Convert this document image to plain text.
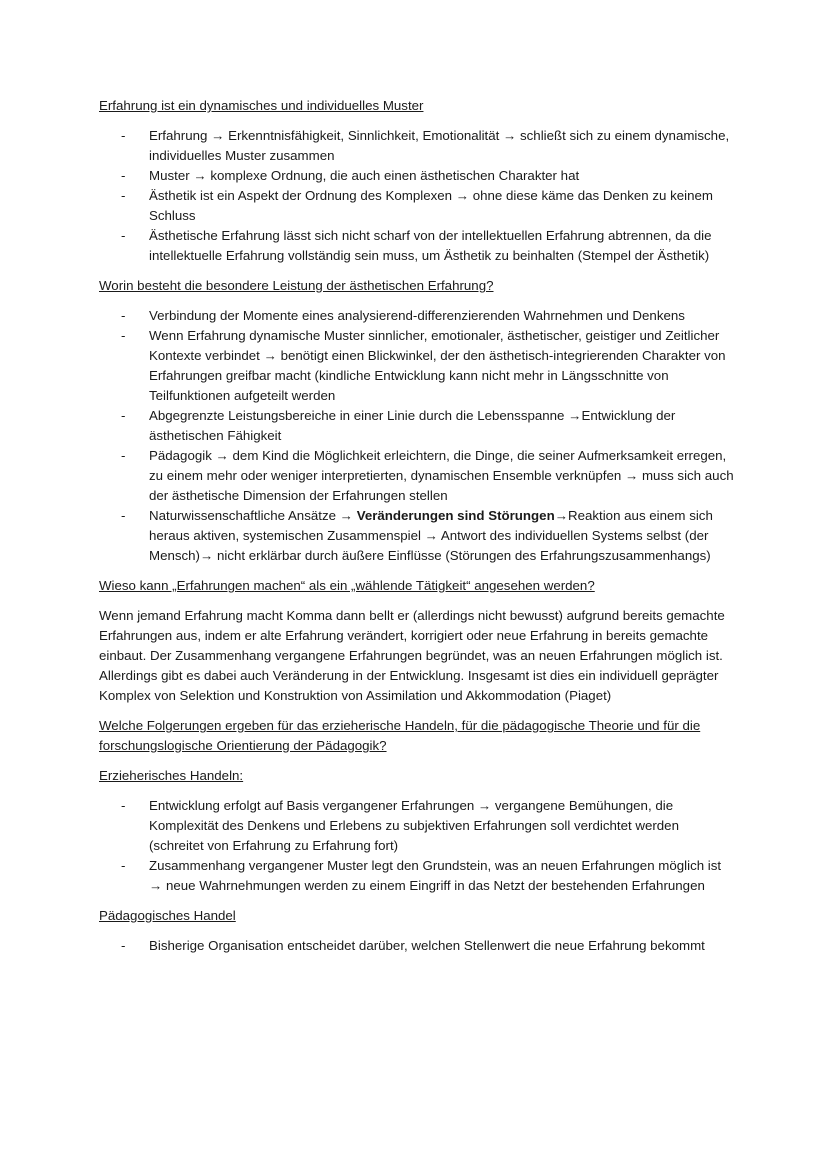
Erfahrung ist ein dynamisches und individuelles Muster

- Erfahrung → Erkenntnisfähigkeit, Sinnlichkeit, Emotionalität → schließt sich zu einem dynamische, individuelles Muster zusammen
- Muster → komplexe Ordnung, die auch einen ästhetischen Charakter hat
- Ästhetik ist ein Aspekt der Ordnung des Komplexen → ohne diese käme das Denken zu keinem Schluss
- Ästhetische Erfahrung lässt sich nicht scharf von der intellektuellen Erfahrung abtrennen, da die intellektuelle Erfahrung vollständig sein muss, um Ästhetik zu beinhalten (Stempel der Ästhetik)

Worin besteht die besondere Leistung der ästhetischen Erfahrung?

- Verbindung der Momente eines analysierend-differenzierenden Wahrnehmen und Denkens
- Wenn Erfahrung dynamische Muster sinnlicher, emotionaler, ästhetischer, geistiger und Zeitlicher Kontexte verbindet → benötigt einen Blickwinkel, der den ästhetisch-integrierenden Charakter von Erfahrungen greifbar macht (kindliche Entwicklung kann nicht mehr in Längsschnitte von Teilfunktionen aufgeteilt werden
- Abgegrenzte Leistungsbereiche in einer Linie durch die Lebensspanne →Entwicklung der ästhetischen Fähigkeit
- Pädagogik → dem Kind die Möglichkeit erleichtern, die Dinge, die seiner Aufmerksamkeit erregen, zu einem mehr oder weniger interpretierten, dynamischen Ensemble verknüpfen → muss sich auch der ästhetische Dimension der Erfahrungen stellen
- Naturwissenschaftliche Ansätze → Veränderungen sind Störungen→Reaktion aus einem sich heraus aktiven, systemischen Zusammenspiel → Antwort des individuellen Systems selbst (der Mensch)→ nicht erklärbar durch äußere Einflüsse (Störungen des Erfahrungszusammenhangs)

Wieso kann „Erfahrungen machen“ als ein „wählende Tätigkeit“ angesehen werden?

Wenn jemand Erfahrung macht Komma dann bellt er (allerdings nicht bewusst) aufgrund bereits gemachte Erfahrungen aus, indem er alte Erfahrung verändert, korrigiert oder neue Erfahrung in bereits gemachte einbaut. Der Zusammenhang vergangene Erfahrungen begründet, was an neuen Erfahrungen möglich ist. Allerdings gibt es dabei auch Veränderung in der Entwicklung. Insgesamt ist dies ein individuell geprägter Komplex von Selektion und Konstruktion von Assimilation und Akkommodation (Piaget)

Welche Folgerungen ergeben für das erzieherische Handeln, für die pädagogische Theorie und für die forschungslogische Orientierung der Pädagogik?

Erzieherisches Handeln:

- Entwicklung erfolgt auf Basis vergangener Erfahrungen → vergangene Bemühungen, die Komplexität des Denkens und Erlebens zu subjektiven Erfahrungen soll verdichtet werden (schreitet von Erfahrung zu Erfahrung fort)
- Zusammenhang vergangener Muster legt den Grundstein, was an neuen Erfahrungen möglich ist → neue Wahrnehmungen werden zu einem Eingriff in das Netzt der bestehenden Erfahrungen

Pädagogisches Handel

- Bisherige Organisation entscheidet darüber, welchen Stellenwert die neue Erfahrung bekommt
